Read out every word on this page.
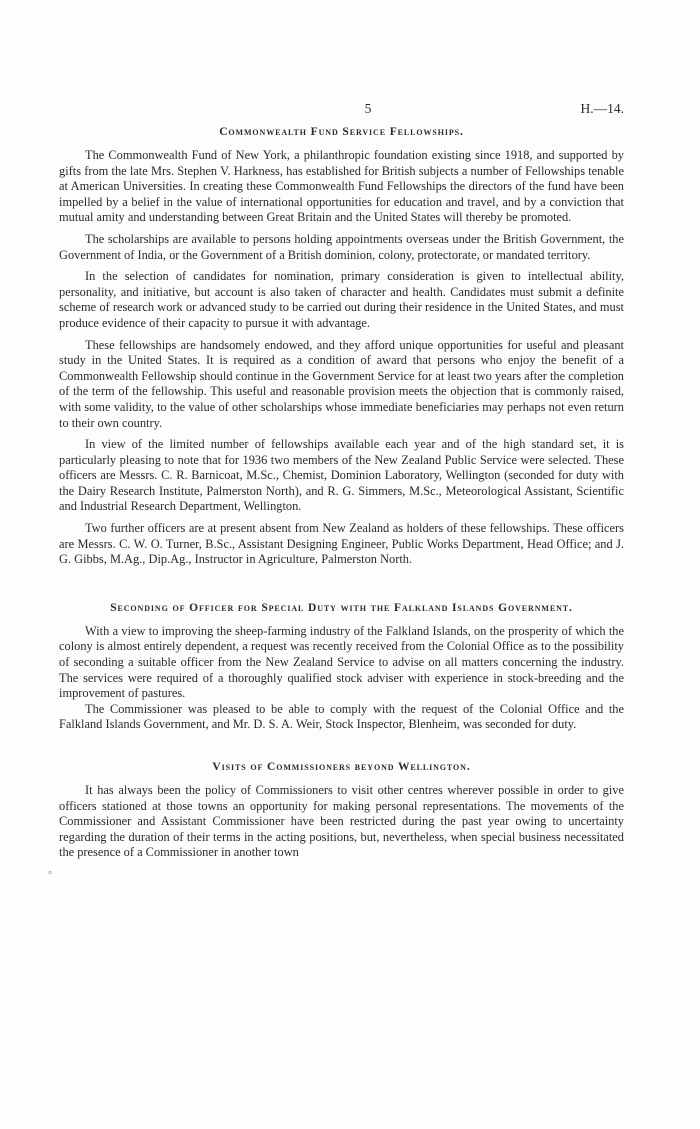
5	H.—14.
Commonwealth Fund Service Fellowships.

The Commonwealth Fund of New York, a philanthropic foundation existing since 1918, and supported by gifts from the late Mrs. Stephen V. Harkness, has established for British subjects a number of Fellowships tenable at American Universities. In creating these Commonwealth Fund Fellowships the directors of the fund have been impelled by a belief in the value of international opportunities for education and travel, and by a conviction that mutual amity and understanding between Great Britain and the United States will thereby be promoted.

The scholarships are available to persons holding appointments overseas under the British Government, the Government of India, or the Government of a British dominion, colony, protectorate, or mandated territory.

In the selection of candidates for nomination, primary consideration is given to intellectual ability, personality, and initiative, but account is also taken of character and health. Candidates must submit a definite scheme of research work or advanced study to be carried out during their residence in the United States, and must produce evidence of their capacity to pursue it with advantage.

These fellowships are handsomely endowed, and they afford unique opportunities for useful and pleasant study in the United States. It is required as a condition of award that persons who enjoy the benefit of a Commonwealth Fellowship should continue in the Government Service for at least two years after the completion of the term of the fellowship. This useful and reasonable provision meets the objection that is commonly raised, with some validity, to the value of other scholarships whose immediate beneficiaries may perhaps not even return to their own country.

In view of the limited number of fellowships available each year and of the high standard set, it is particularly pleasing to note that for 1936 two members of the New Zealand Public Service were selected. These officers are Messrs. C. R. Barnicoat, M.Sc., Chemist, Dominion Laboratory, Wellington (seconded for duty with the Dairy Research Institute, Palmerston North), and R. G. Simmers, M.Sc., Meteorological Assistant, Scientific and Industrial Research Department, Wellington.

Two further officers are at present absent from New Zealand as holders of these fellowships. These officers are Messrs. C. W. O. Turner, B.Sc., Assistant Designing Engineer, Public Works Department, Head Office; and J. G. Gibbs, M.Ag., Dip.Ag., Instructor in Agriculture, Palmerston North.

Seconding of Officer for Special Duty with the Falkland Islands Government.

With a view to improving the sheep-farming industry of the Falkland Islands, on the prosperity of which the colony is almost entirely dependent, a request was recently received from the Colonial Office as to the possibility of seconding a suitable officer from the New Zealand Service to advise on all matters concerning the industry. The services were required of a thoroughly qualified stock adviser with experience in stock-breeding and the improvement of pastures.

The Commissioner was pleased to be able to comply with the request of the Colonial Office and the Falkland Islands Government, and Mr. D. S. A. Weir, Stock Inspector, Blenheim, was seconded for duty.

Visits of Commissioners beyond Wellington.

It has always been the policy of Commissioners to visit other centres wherever possible in order to give officers stationed at those towns an opportunity for making personal representations. The movements of the Commissioner and Assistant Commissioner have been restricted during the past year owing to uncertainty regarding the duration of their terms in the acting positions, but, nevertheless, when special business necessitated the presence of a Commissioner in another town

°
